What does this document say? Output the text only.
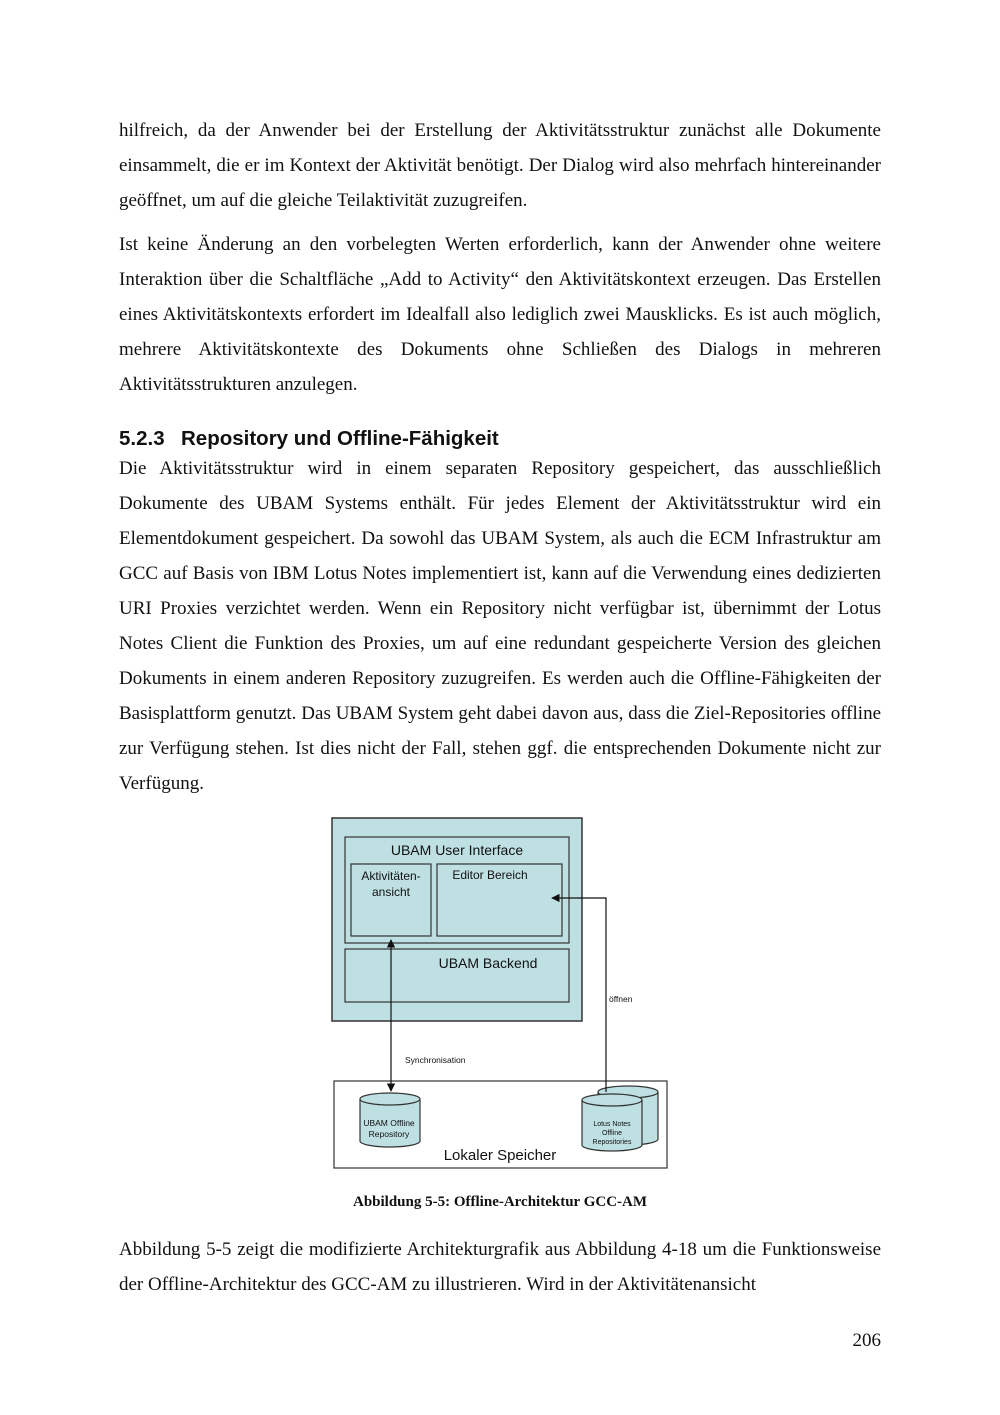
hilfreich, da der Anwender bei der Erstellung der Aktivitätsstruktur zunächst alle Dokumente einsammelt, die er im Kontext der Aktivität benötigt. Der Dialog wird also mehrfach hintereinander geöffnet, um auf die gleiche Teilaktivität zuzugreifen.

Ist keine Änderung an den vorbelegten Werten erforderlich, kann der Anwender ohne weitere Interaktion über die Schaltfläche „Add to Activity“ den Aktivitätskontext erzeugen. Das Erstellen eines Aktivitätskontexts erfordert im Idealfall also lediglich zwei Mausklicks. Es ist auch möglich, mehrere Aktivitätskontexte des Dokuments ohne Schließen des Dialogs in mehreren Aktivitätsstrukturen anzulegen.

5.2.3 Repository und Offline-Fähigkeit

Die Aktivitätsstruktur wird in einem separaten Repository gespeichert, das ausschließlich Dokumente des UBAM Systems enthält. Für jedes Element der Aktivitätsstruktur wird ein Elementdokument gespeichert. Da sowohl das UBAM System, als auch die ECM Infrastruktur am GCC auf Basis von IBM Lotus Notes implementiert ist, kann auf die Verwendung eines dedizierten URI Proxies verzichtet werden. Wenn ein Repository nicht verfügbar ist, übernimmt der Lotus Notes Client die Funktion des Proxies, um auf eine redundant gespeicherte Version des gleichen Dokuments in einem anderen Repository zuzugreifen. Es werden auch die Offline-Fähigkeiten der Basisplattform genutzt. Das UBAM System geht dabei davon aus, dass die Ziel-Repositories offline zur Verfügung stehen. Ist dies nicht der Fall, stehen ggf. die entsprechenden Dokumente nicht zur Verfügung.

UBAM User Interface
Aktivitäten-
ansicht
Editor Bereich
UBAM Backend
Lokaler Speicher
UBAM Offline
Repository
Lotus Notes
Offline
Repositories
Synchronisation
öffnen

Abbildung 5-5: Offline-Architektur GCC-AM

Abbildung 5-5 zeigt die modifizierte Architekturgrafik aus Abbildung 4-18 um die Funktionsweise der Offline-Architektur des GCC-AM zu illustrieren. Wird in der Aktivitätenansicht

206
